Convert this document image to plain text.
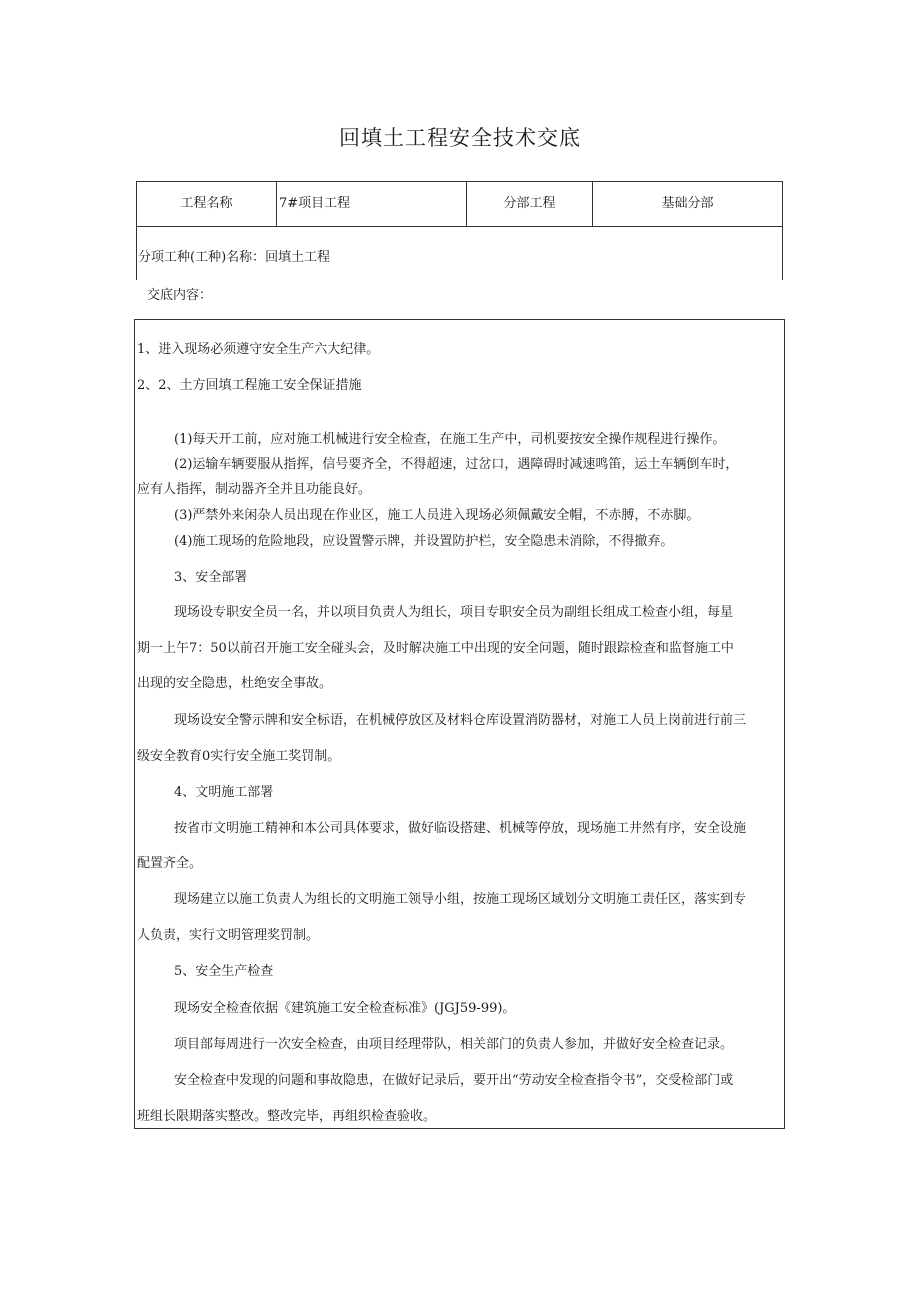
回填土工程安全技术交底
工程名称	7#项目工程	分部工程	基础分部
分项工种(工种)名称：回填土工程
交底内容：
1、进入现场必须遵守安全生产六大纪律。
2、2、土方回填工程施工安全保证措施
(1)每天开工前，应对施工机械进行安全检查，在施工生产中，司机要按安全操作规程进行操作。
(2)运输车辆要服从指挥，信号要齐全，不得超速，过岔口，遇障碍时减速鸣笛，运土车辆倒车时，
应有人指挥，制动器齐全并且功能良好。
(3)严禁外来闲杂人员出现在作业区，施工人员进入现场必须佩戴安全帽，不赤膊，不赤脚。
(4)施工现场的危险地段，应设置警示牌，并设置防护栏，安全隐患未消除，不得撤弃。
3、安全部署
现场设专职安全员一名，并以项目负责人为组长，项目专职安全员为副组长组成工检查小组，每星
期一上午7：50以前召开施工安全碰头会，及时解决施工中出现的安全问题，随时跟踪检查和监督施工中
出现的安全隐患，杜绝安全事故。
现场设安全警示牌和安全标语，在机械停放区及材料仓库设置消防器材，对施工人员上岗前进行前三
级安全教育0实行安全施工奖罚制。
4、文明施工部署
按省市文明施工精神和本公司具体要求，做好临设搭建、机械等停放，现场施工井然有序，安全设施
配置齐全。
现场建立以施工负责人为组长的文明施工领导小组，按施工现场区域划分文明施工责任区，落实到专
人负责，实行文明管理奖罚制。
5、安全生产检查
现场安全检查依据《建筑施工安全检查标准》(JGJ59-99)。
项目部每周进行一次安全检查，由项目经理带队，相关部门的负责人参加，并做好安全检查记录。
安全检查中发现的问题和事故隐患，在做好记录后，要开出“劳动安全检查指令书”，交受检部门或
班组长限期落实整改。整改完毕，再组织检查验收。
